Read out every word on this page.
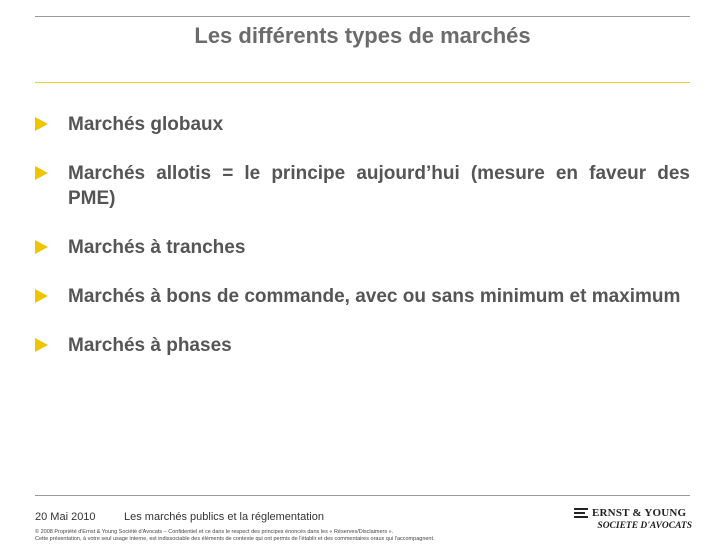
Les différents types de marchés
Marchés globaux
Marchés allotis = le principe aujourd’hui (mesure en faveur des PME)
Marchés à tranches
Marchés à bons de commande, avec ou sans minimum et maximum
Marchés à phases
20 Mai 2010	Les marchés publics et la réglementation
© 2008 Propriété d'Ernst & Young Société d'Avocats – Confidentiel et ce dans le respect des principes énoncés dans les « Réserves/Disclaimers ».
Cette présentation, à votre seul usage interne, est indissociable des éléments de contexte qui ont permis de l'établir et des commentaires oraux qui l'accompagnent.
ERNST & YOUNG
SOCIETE D'AVOCATS
